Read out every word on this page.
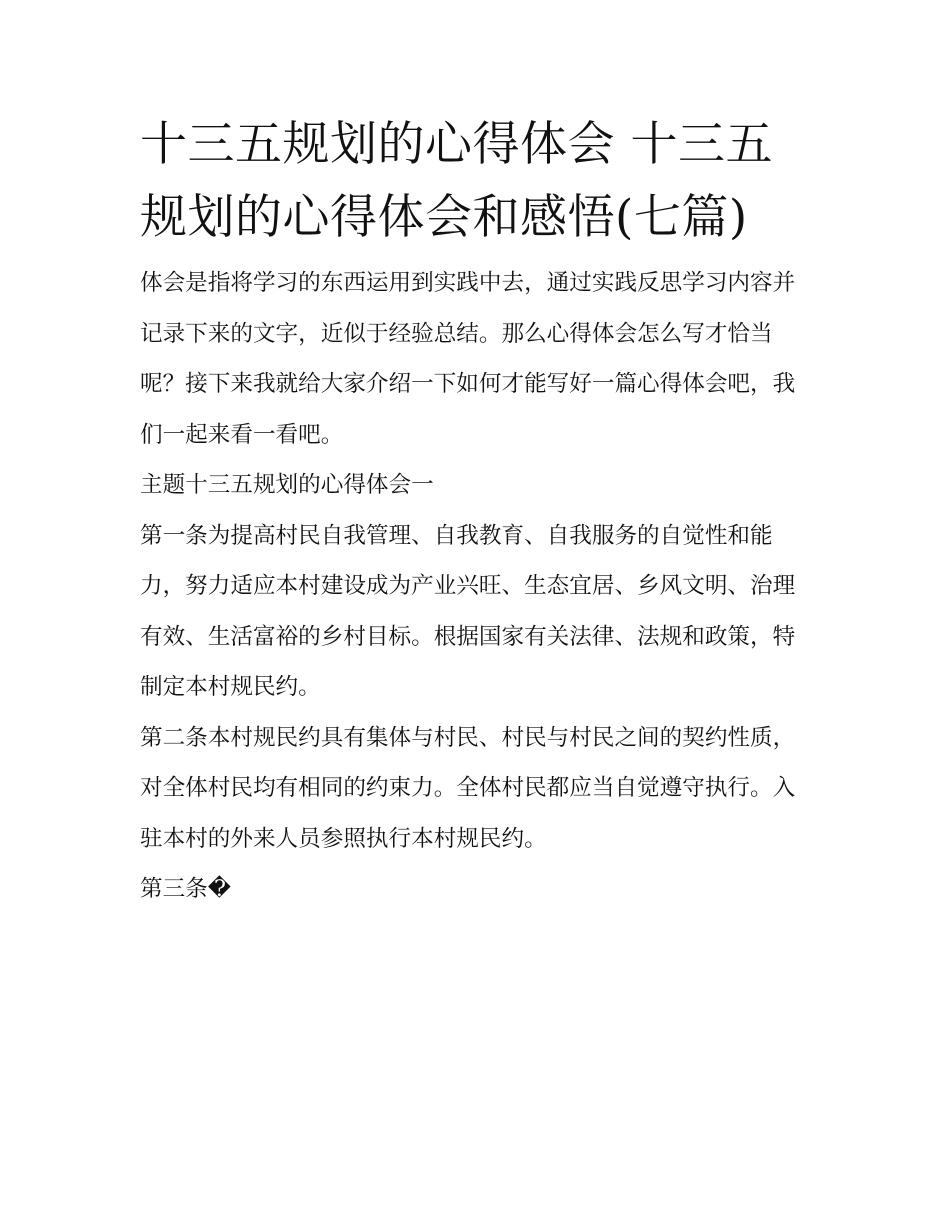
十三五规划的心得体会 十三五规划的心得体会和感悟(七篇)

体会是指将学习的东西运用到实践中去，通过实践反思学习内容并记录下来的文字，近似于经验总结。那么心得体会怎么写才恰当呢？接下来我就给大家介绍一下如何才能写好一篇心得体会吧，我们一起来看一看吧。

主题十三五规划的心得体会一

第一条为提高村民自我管理、自我教育、自我服务的自觉性和能力，努力适应本村建设成为产业兴旺、生态宜居、乡风文明、治理有效、生活富裕的乡村目标。根据国家有关法律、法规和政策，特制定本村规民约。

第二条本村规民约具有集体与村民、村民与村民之间的契约性质，对全体村民均有相同的约束力。全体村民都应当自觉遵守执行。入驻本村的外来人员参照执行本村规民约。

第三条�
